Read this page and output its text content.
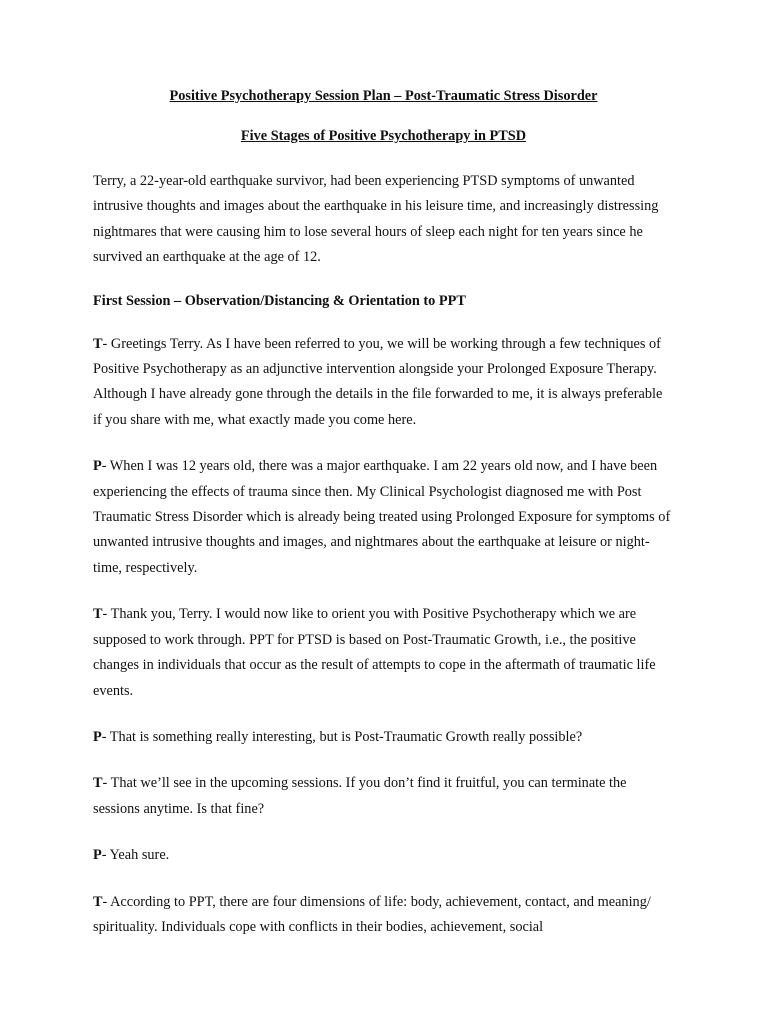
Positive Psychotherapy Session Plan – Post-Traumatic Stress Disorder

Five Stages of Positive Psychotherapy in PTSD

Terry, a 22-year-old earthquake survivor, had been experiencing PTSD symptoms of unwanted intrusive thoughts and images about the earthquake in his leisure time, and increasingly distressing nightmares that were causing him to lose several hours of sleep each night for ten years since he survived an earthquake at the age of 12.

First Session – Observation/Distancing & Orientation to PPT

T- Greetings Terry. As I have been referred to you, we will be working through a few techniques of Positive Psychotherapy as an adjunctive intervention alongside your Prolonged Exposure Therapy. Although I have already gone through the details in the file forwarded to me, it is always preferable if you share with me, what exactly made you come here.

P- When I was 12 years old, there was a major earthquake. I am 22 years old now, and I have been experiencing the effects of trauma since then. My Clinical Psychologist diagnosed me with Post Traumatic Stress Disorder which is already being treated using Prolonged Exposure for symptoms of unwanted intrusive thoughts and images, and nightmares about the earthquake at leisure or night-time, respectively.

T- Thank you, Terry. I would now like to orient you with Positive Psychotherapy which we are supposed to work through. PPT for PTSD is based on Post-Traumatic Growth, i.e., the positive changes in individuals that occur as the result of attempts to cope in the aftermath of traumatic life events.

P- That is something really interesting, but is Post-Traumatic Growth really possible?

T- That we’ll see in the upcoming sessions. If you don’t find it fruitful, you can terminate the sessions anytime. Is that fine?

P- Yeah sure.

T- According to PPT, there are four dimensions of life: body, achievement, contact, and meaning/ spirituality. Individuals cope with conflicts in their bodies, achievement, social
